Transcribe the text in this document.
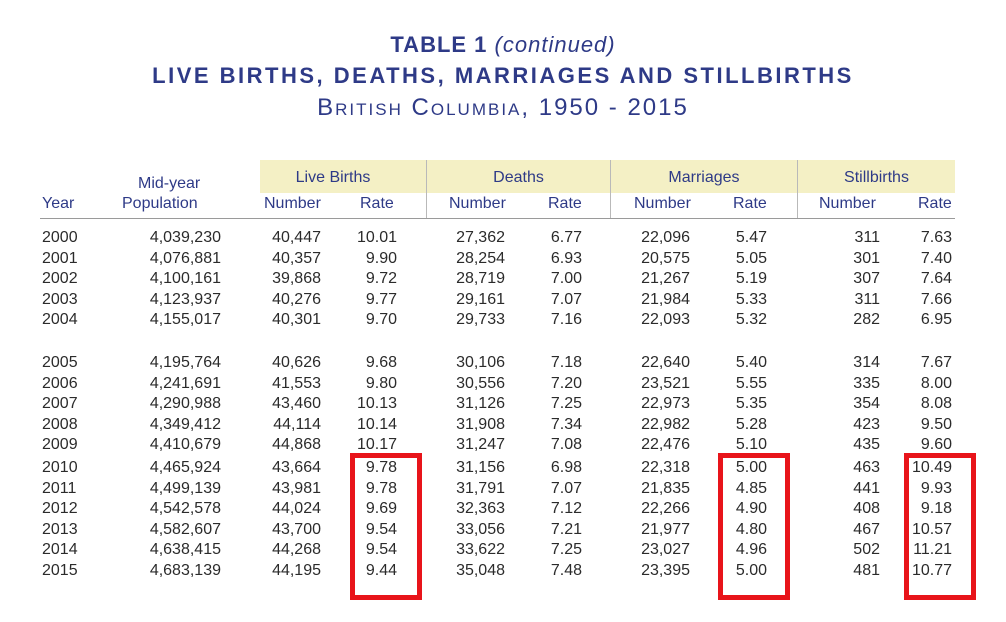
TABLE 1 (continued)
LIVE BIRTHS, DEATHS, MARRIAGES AND STILLBIRTHS
British Columbia, 1950 - 2015
Live Births	Deaths	Marriages	Stillbirths
Year
Mid-year
Population	Number Rate	Number	Rate	Number	Rate	Number	Rate
2000	4,039,230	40,447 10.01	27,362	6.77	22,096	5.47	311	7.63
2001	4,076,881	40,357	9.90	28,254	6.93	20,575	5.05	301	7.40
2002	4,100,161	39,868	9.72	28,719	7.00	21,267	5.19	307	7.64
2003	4,123,937	40,276	9.77	29,161	7.07	21,984	5.33	311	7.66
2004	4,155,017	40,301	9.70	29,733	7.16	22,093	5.32	282	6.95
2005	4,195,764	40,626	9.68	30,106	7.18	22,640	5.40	314	7.67
2006	4,241,691	41,553	9.80	30,556	7.20	23,521	5.55	335	8.00
2007	4,290,988	43,460 10.13	31,126	7.25	22,973	5.35	354	8.08
2008	4,349,412	44,114 10.14	31,908	7.34	22,982	5.28	423	9.50
2009	4,410,679	44,868 10.17	31,247	7.08	22,476	5.10	435	9.60
2010	4,465,924	43,664	9.78	31,156	6.98	22,318	5.00	463 10.49
2011	4,499,139	43,981	9.78	31,791	7.07	21,835	4.85	441	9.93
2012	4,542,578	44,024	9.69	32,363	7.12	22,266	4.90	408	9.18
2013	4,582,607	43,700	9.54	33,056	7.21	21,977	4.80	467 10.57
2014	4,638,415	44,268	9.54	33,622	7.25	23,027	4.96	502 11.21
2015	4,683,139	44,195	9.44	35,048	7.48	23,395	5.00	481 10.77
